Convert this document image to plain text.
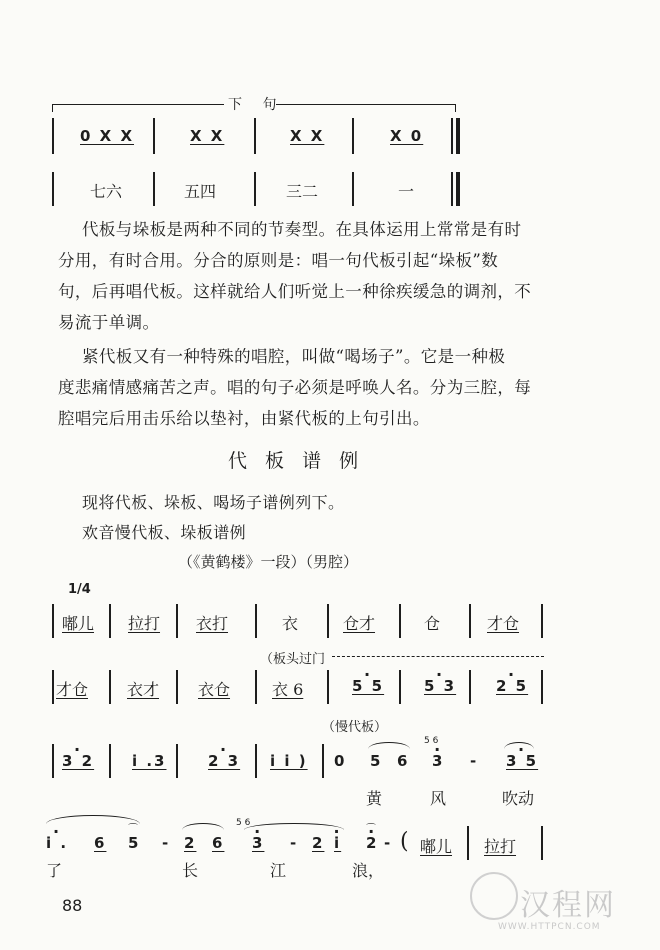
下 句
0 X X	X X	X X	X 0
七六	五四	三二	一
代板与垛板是两种不同的节奏型。在具体运用上常常是有时
分用，有时合用。分合的原则是：唱一句代板引起“垛板”数
句，后再唱代板。这样就给人们听觉上一种徐疾缓急的调剂，不
易流于单调。
紧代板又有一种特殊的唱腔，叫做“喝场子”。它是一种极
度悲痛情感痛苦之声。唱的句子必须是呼唤人名。分为三腔，每
腔唱完后用击乐给以垫衬，由紧代板的上句引出。
代 板 谱 例
现将代板、垛板、喝场子谱例列下。
欢音慢代板、垛板谱例
（《黄鹤楼》一段）（男腔）
1/4
嘟儿 拉打 衣打	衣	仓才	仓	才仓
（板头过门
才仓 衣才 衣仓	衣 6	· 5 5	· 5 3	· 2 5
（慢代板）
· 3 2	i .3	· 2 3 i i ) 0 5 6
5 6
· 3 - · 3 5
黄	风	吹动
· i . 6 5
⌒
- 2 6
5 6
· 3 - 2 · i · 2
⌒
- ( 嘟儿 拉打
了	长	江	浪，
88	汉程网
WWW.HTTPCN.COM
